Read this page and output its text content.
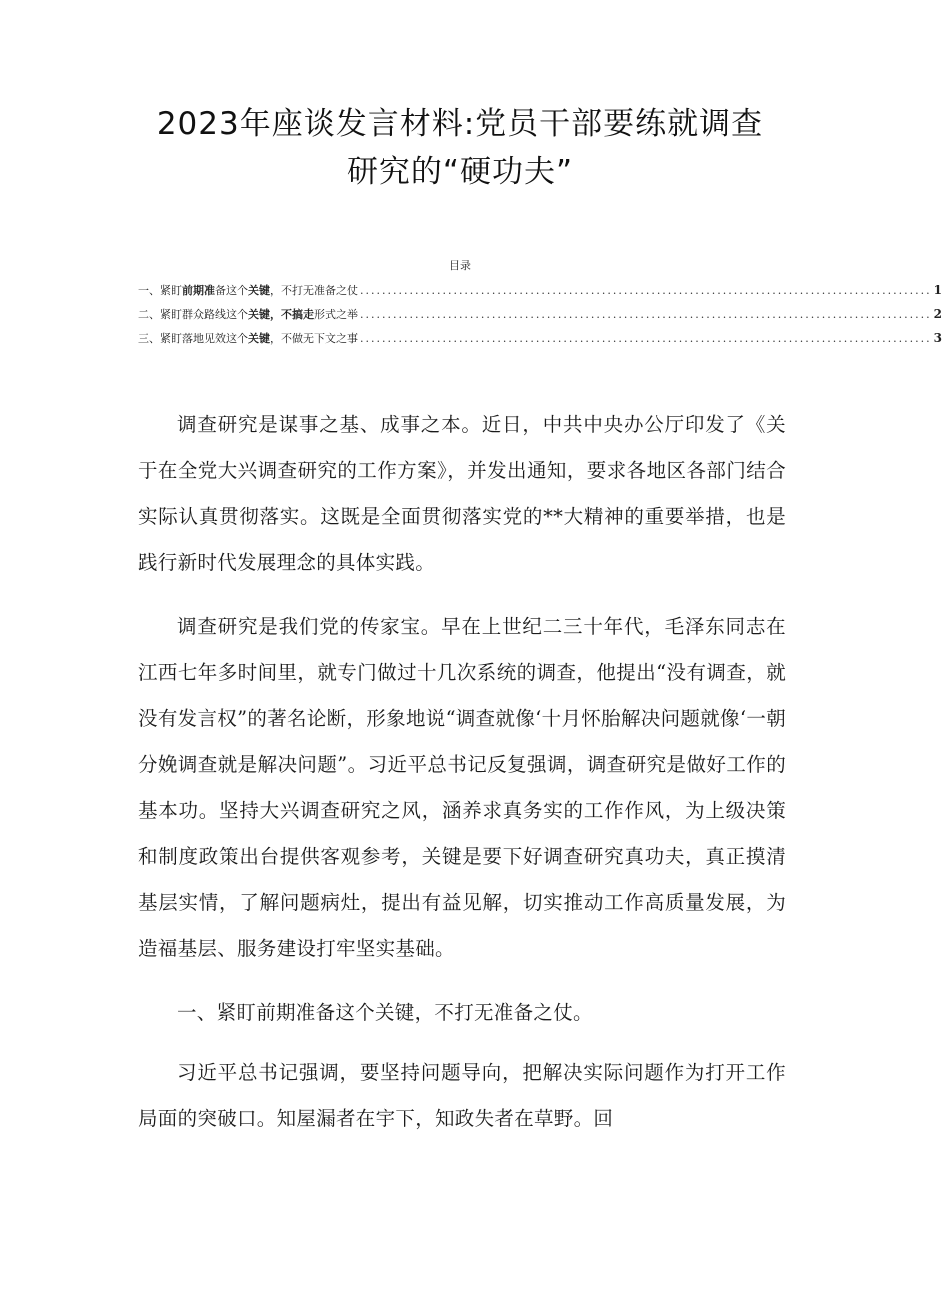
2023年座谈发言材料:党员干部要练就调查
研究的“硬功夫”
目录
一、紧盯前期准备这个关键，不打无准备之仗 ........................................................................................................ 1
二、紧盯群众路线这个关键，不搞走形式之举 ........................................................................................................ 2
三、紧盯落地见效这个关键，不做无下文之事 ........................................................................................................ 3

调查研究是谋事之基、成事之本。近日，中共中央办公厅印发了《关于在全党大兴调查研究的工作方案》，并发出通知，要求各地区各部门结合实际认真贯彻落实。这既是全面贯彻落实党的**大精神的重要举措，也是践行新时代发展理念的具体实践。

调查研究是我们党的传家宝。早在上世纪二三十年代，毛泽东同志在江西七年多时间里，就专门做过十几次系统的调查，他提出“没有调查，就没有发言权”的著名论断，形象地说“调查就像‘十月怀胎解决问题就像‘一朝分娩调查就是解决问题”。习近平总书记反复强调，调查研究是做好工作的基本功。坚持大兴调查研究之风，涵养求真务实的工作作风，为上级决策和制度政策出台提供客观参考，关键是要下好调查研究真功夫，真正摸清基层实情，了解问题病灶，提出有益见解，切实推动工作高质量发展，为造福基层、服务建设打牢坚实基础。

一、紧盯前期准备这个关键，不打无准备之仗。

习近平总书记强调，要坚持问题导向，把解决实际问题作为打开工作局面的突破口。知屋漏者在宇下，知政失者在草野。回
